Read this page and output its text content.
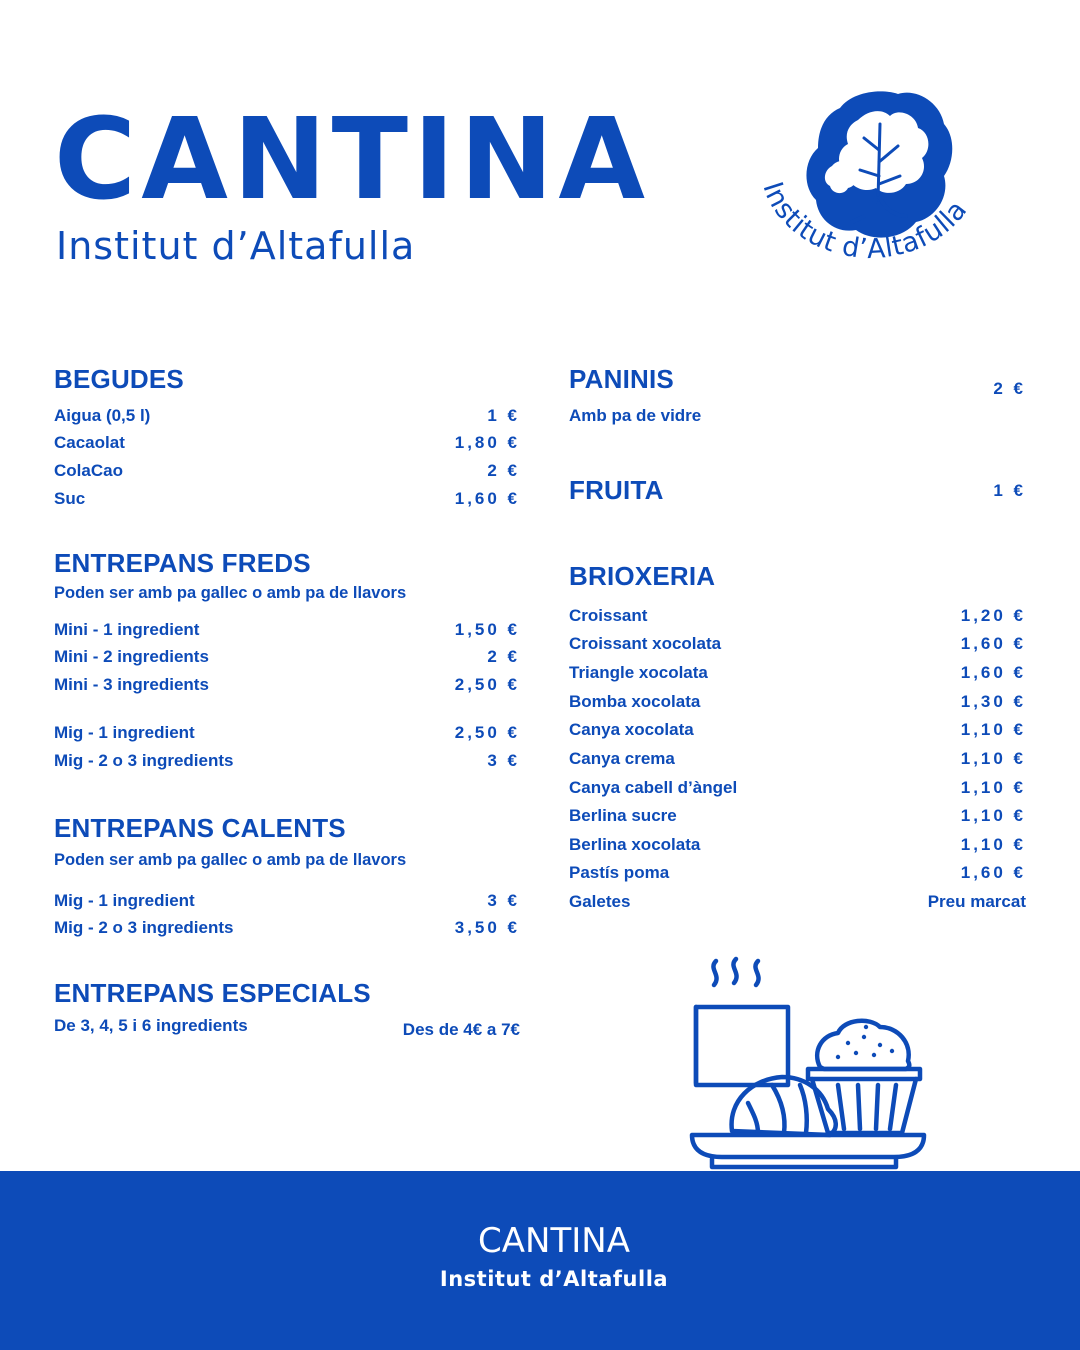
CANTINA
Institut d’Altafulla
Institut d’Altafulla
BEGUDES
Aigua (0,5 l)	1 €
Cacaolat	1,80 €
ColaCao	2 €
Suc	1,60 €
ENTREPANS FREDS
Poden ser amb pa gallec o amb pa de llavors
Mini - 1 ingredient	1,50 €
Mini - 2 ingredients	2 €
Mini - 3 ingredients	2,50 €
Mig - 1 ingredient	2,50 €
Mig - 2 o 3 ingredients	3 €
ENTREPANS CALENTS
Poden ser amb pa gallec o amb pa de llavors
Mig - 1 ingredient	3 €
Mig - 2 o 3 ingredients	3,50 €
ENTREPANS ESPECIALS
De 3, 4, 5 i 6 ingredients	Des de 4€ a 7€
PANINIS	2 €
Amb pa de vidre
FRUITA	1 €
BRIOXERIA
Croissant	1,20 €
Croissant xocolata	1,60 €
Triangle xocolata	1,60 €
Bomba xocolata	1,30 €
Canya xocolata	1,10 €
Canya crema	1,10 €
Canya cabell d’àngel	1,10 €
Berlina sucre	1,10 €
Berlina xocolata	1,10 €
Pastís poma	1,60 €
Galetes	Preu marcat
CANTINA
Institut d’Altafulla
